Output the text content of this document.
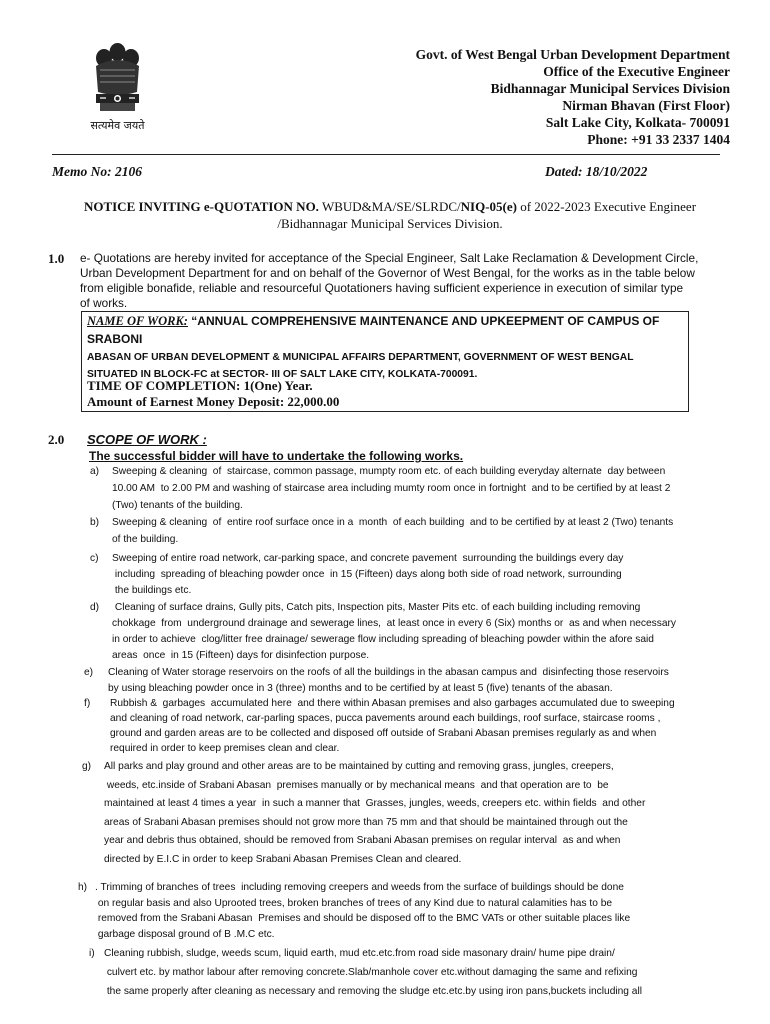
सत्यमेव जयते
Govt. of West Bengal Urban Development Department
Office of the Executive Engineer
Bidhannagar Municipal Services Division
Nirman Bhavan (First Floor)
Salt Lake City, Kolkata- 700091
Phone: +91 33 2337 1404
Memo No: 2106	Dated: 18/10/2022
NOTICE INVITING e-QUOTATION NO. WBUD&MA/SE/SLRDC/NIQ-05(e) of 2022-2023 Executive Engineer
/Bidhannagar Municipal Services Division.
1.0 e- Quotations are hereby invited for acceptance of the Special Engineer, Salt Lake Reclamation & Development Circle,
Urban Development Department for and on behalf of the Governor of West Bengal, for the works as in the table below
from eligible bonafide, reliable and resourceful Quotationers having sufficient experience in execution of similar type
of works.
NAME OF WORK: “ANNUAL COMPREHENSIVE MAINTENANCE AND UPKEEPMENT OF CAMPUS OF SRABONI
ABASAN OF URBAN DEVELOPMENT & MUNICIPAL AFFAIRS DEPARTMENT, GOVERNMENT OF WEST BENGAL
SITUATED IN BLOCK-FC at SECTOR- III OF SALT LAKE CITY, KOLKATA-700091.
TIME OF COMPLETION: 1(One) Year.
Amount of Earnest Money Deposit: 22,000.00
2.0 SCOPE OF WORK :
The successful bidder will have to undertake the following works.
a) Sweeping & cleaning  of  staircase, common passage, mumpty room etc. of each building everyday alternate  day between
10.00 AM  to 2.00 PM and washing of staircase area including mumty room once in fortnight  and to be certified by at least 2
(Two) tenants of the building.
b) Sweeping & cleaning  of  entire roof surface once in a  month  of each building  and to be certified by at least 2 (Two) tenants
of the building.
c) Sweeping of entire road network, car-parking space, and concrete pavement  surrounding the buildings every day
including  spreading of bleaching powder once  in 15 (Fifteen) days along both side of road network, surrounding
the buildings etc.
d) Cleaning of surface drains, Gully pits, Catch pits, Inspection pits, Master Pits etc. of each building including removing
chokkage  from  underground drainage and sewerage lines,  at least once in every 6 (Six) months or  as and when necessary
in order to achieve  clog/litter free drainage/ sewerage flow including spreading of bleaching powder within the afore said
areas  once  in 15 (Fifteen) days for disinfection purpose.
e) Cleaning of Water storage reservoirs on the roofs of all the buildings in the abasan campus and  disinfecting those reservoirs
by using bleaching powder once in 3 (three) months and to be certified by at least 5 (five) tenants of the abasan.
f) Rubbish &  garbages  accumulated here  and there within Abasan premises and also garbages accumulated due to sweeping
and cleaning of road network, car-parling spaces, pucca pavements around each buildings, roof surface, staircase rooms ,
ground and garden areas are to be collected and disposed off outside of Srabani Abasan premises regularly as and when
required in order to keep premises clean and clear.
g) All parks and play ground and other areas are to be maintained by cutting and removing grass, jungles, creepers,
weeds, etc.inside of Srabani Abasan  premises manually or by mechanical means  and that operation are to  be
maintained at least 4 times a year  in such a manner that  Grasses, jungles, weeds, creepers etc. within fields  and other
areas of Srabani Abasan premises should not grow more than 75 mm and that should be maintained through out the
year and debris thus obtained, should be removed from Srabani Abasan premises on regular interval  as and when
directed by E.I.C in order to keep Srabani Abasan Premises Clean and cleared.
h) . Trimming of branches of trees  including removing creepers and weeds from the surface of buildings should be done
on regular basis and also Uprooted trees, broken branches of trees of any Kind due to natural calamities has to be
removed from the Srabani Abasan  Premises and should be disposed off to the BMC VATs or other suitable places like
garbage disposal ground of B .M.C etc.
i) Cleaning rubbish, sludge, weeds scum, liquid earth, mud etc.etc.from road side masonary drain/ hume pipe drain/
culvert etc. by mathor labour after removing concrete.Slab/manhole cover etc.without damaging the same and refixing
the same properly after cleaning as necessary and removing the sludge etc.etc.by using iron pans,buckets including all
